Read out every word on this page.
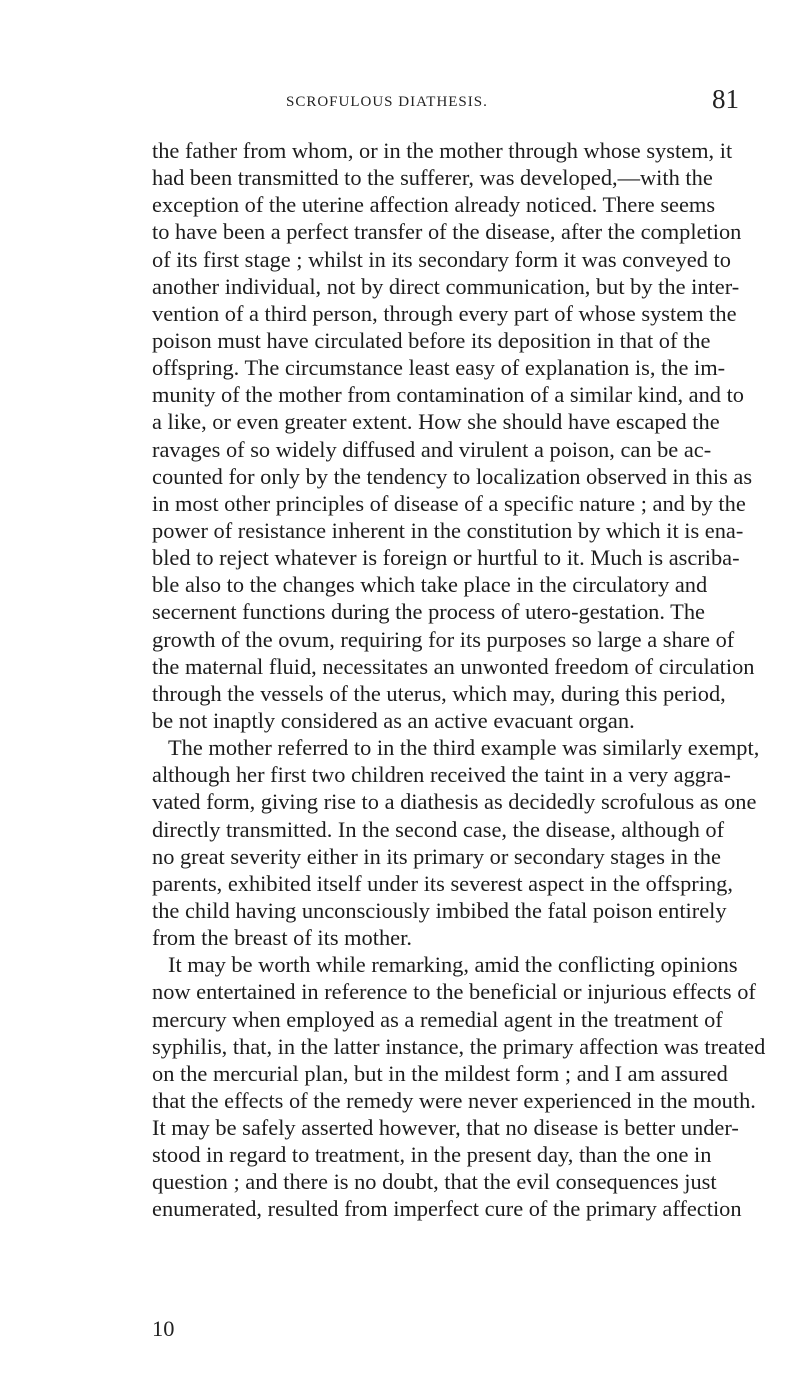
SCROFULOUS DIATHESIS.	81
the father from whom, or in the mother through whose system, it
had been transmitted to the sufferer, was developed,—with the
exception of the uterine affection already noticed. There seems
to have been a perfect transfer of the disease, after the completion
of its first stage ; whilst in its secondary form it was conveyed to
another individual, not by direct communication, but by the inter-
vention of a third person, through every part of whose system the
poison must have circulated before its deposition in that of the
offspring. The circumstance least easy of explanation is, the im-
munity of the mother from contamination of a similar kind, and to
a like, or even greater extent. How she should have escaped the
ravages of so widely diffused and virulent a poison, can be ac-
counted for only by the tendency to localization observed in this as
in most other principles of disease of a specific nature ; and by the
power of resistance inherent in the constitution by which it is ena-
bled to reject whatever is foreign or hurtful to it. Much is ascriba-
ble also to the changes which take place in the circulatory and
secernent functions during the process of utero-gestation. The
growth of the ovum, requiring for its purposes so large a share of
the maternal fluid, necessitates an unwonted freedom of circulation
through the vessels of the uterus, which may, during this period,
be not inaptly considered as an active evacuant organ.
The mother referred to in the third example was similarly exempt,
although her first two children received the taint in a very aggra-
vated form, giving rise to a diathesis as decidedly scrofulous as one
directly transmitted. In the second case, the disease, although of
no great severity either in its primary or secondary stages in the
parents, exhibited itself under its severest aspect in the offspring,
the child having unconsciously imbibed the fatal poison entirely
from the breast of its mother.
It may be worth while remarking, amid the conflicting opinions
now entertained in reference to the beneficial or injurious effects of
mercury when employed as a remedial agent in the treatment of
syphilis, that, in the latter instance, the primary affection was treated
on the mercurial plan, but in the mildest form ; and I am assured
that the effects of the remedy were never experienced in the mouth.
It may be safely asserted however, that no disease is better under-
stood in regard to treatment, in the present day, than the one in
question ; and there is no doubt, that the evil consequences just
enumerated, resulted from imperfect cure of the primary affection
10
